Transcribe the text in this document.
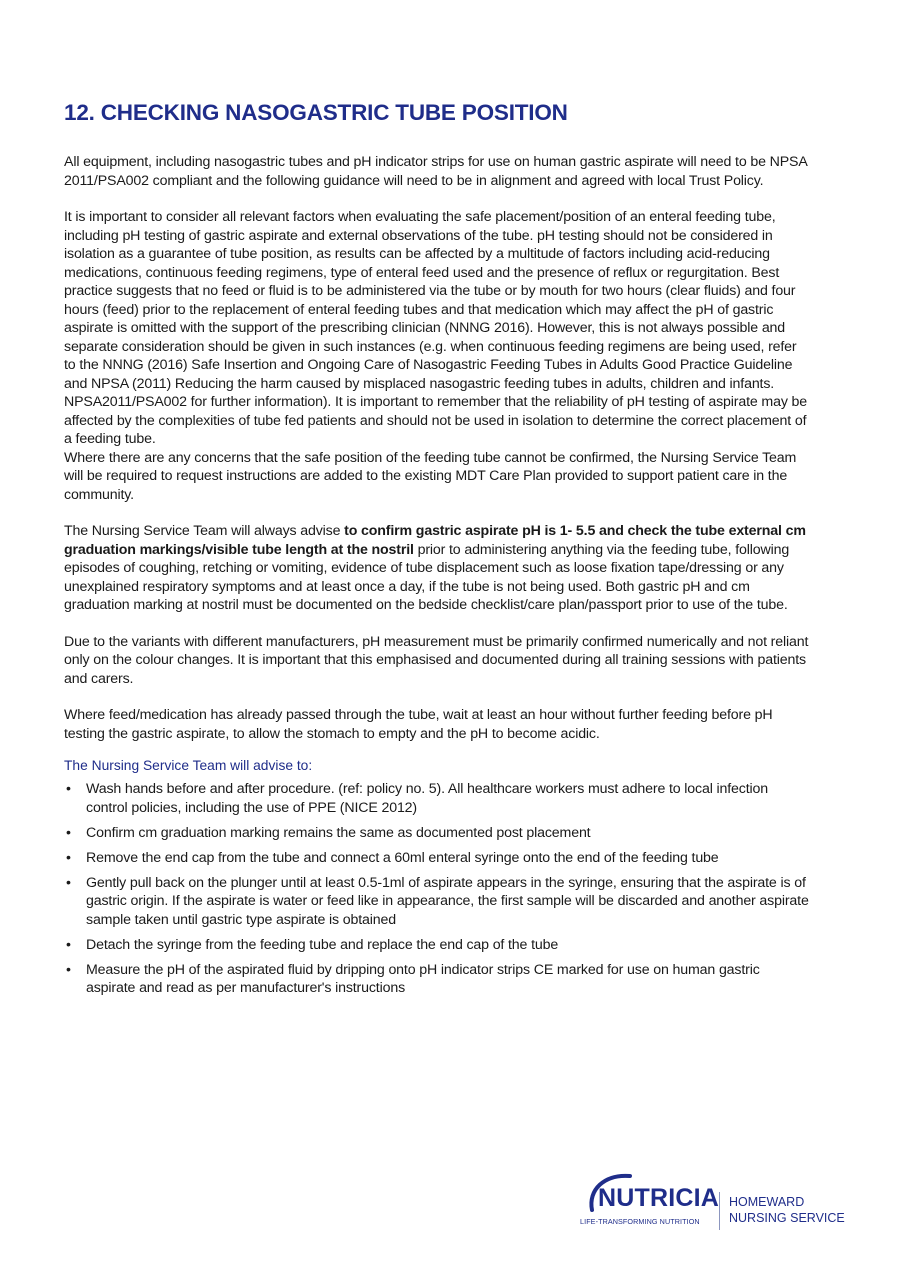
12. CHECKING NASOGASTRIC TUBE POSITION

All equipment, including nasogastric tubes and pH indicator strips for use on human gastric aspirate will need to be NPSA 2011/PSA002 compliant and the following guidance will need to be in alignment and agreed with local Trust Policy.

It is important to consider all relevant factors when evaluating the safe placement/position of an enteral feeding tube, including pH testing of gastric aspirate and external observations of the tube. pH testing should not be considered in isolation as a guarantee of tube position, as results can be affected by a multitude of factors including acid-reducing medications, continuous feeding regimens, type of enteral feed used and the presence of reflux or regurgitation. Best practice suggests that no feed or fluid is to be administered via the tube or by mouth for two hours (clear fluids) and four hours (feed) prior to the replacement of enteral feeding tubes and that medication which may affect the pH of gastric aspirate is omitted with the support of the prescribing clinician (NNNG 2016). However, this is not always possible and separate consideration should be given in such instances (e.g. when continuous feeding regimens are being used, refer to the NNNG (2016) Safe Insertion and Ongoing Care of Nasogastric Feeding Tubes in Adults Good Practice Guideline and NPSA (2011) Reducing the harm caused by misplaced nasogastric feeding tubes in adults, children and infants. NPSA2011/PSA002 for further information). It is important to remember that the reliability of pH testing of aspirate may be affected by the complexities of tube fed patients and should not be used in isolation to determine the correct placement of a feeding tube.

Where there are any concerns that the safe position of the feeding tube cannot be confirmed, the Nursing Service Team will be required to request instructions are added to the existing MDT Care Plan provided to support patient care in the community.

The Nursing Service Team will always advise to confirm gastric aspirate pH is 1- 5.5 and check the tube external cm graduation markings/visible tube length at the nostril prior to administering anything via the feeding tube, following episodes of coughing, retching or vomiting, evidence of tube displacement such as loose fixation tape/dressing or any unexplained respiratory symptoms and at least once a day, if the tube is not being used. Both gastric pH and cm graduation marking at nostril must be documented on the bedside checklist/care plan/passport prior to use of the tube.

Due to the variants with different manufacturers, pH measurement must be primarily confirmed numerically and not reliant only on the colour changes. It is important that this emphasised and documented during all training sessions with patients and carers.

Where feed/medication has already passed through the tube, wait at least an hour without further feeding before pH testing the gastric aspirate, to allow the stomach to empty and the pH to become acidic.

The Nursing Service Team will advise to:
• Wash hands before and after procedure. (ref: policy no. 5). All healthcare workers must adhere to local infection control policies, including the use of PPE (NICE 2012)
• Confirm cm graduation marking remains the same as documented post placement
• Remove the end cap from the tube and connect a 60ml enteral syringe onto the end of the feeding tube
• Gently pull back on the plunger until at least 0.5-1ml of aspirate appears in the syringe, ensuring that the aspirate is of gastric origin. If the aspirate is water or feed like in appearance, the first sample will be discarded and another aspirate sample taken until gastric type aspirate is obtained
• Detach the syringe from the feeding tube and replace the end cap of the tube
• Measure the pH of the aspirated fluid by dripping onto pH indicator strips CE marked for use on human gastric aspirate and read as per manufacturer's instructions
NUTRICIA
LIFE-TRANSFORMING NUTRITION
HOMEWARD
NURSING SERVICE
